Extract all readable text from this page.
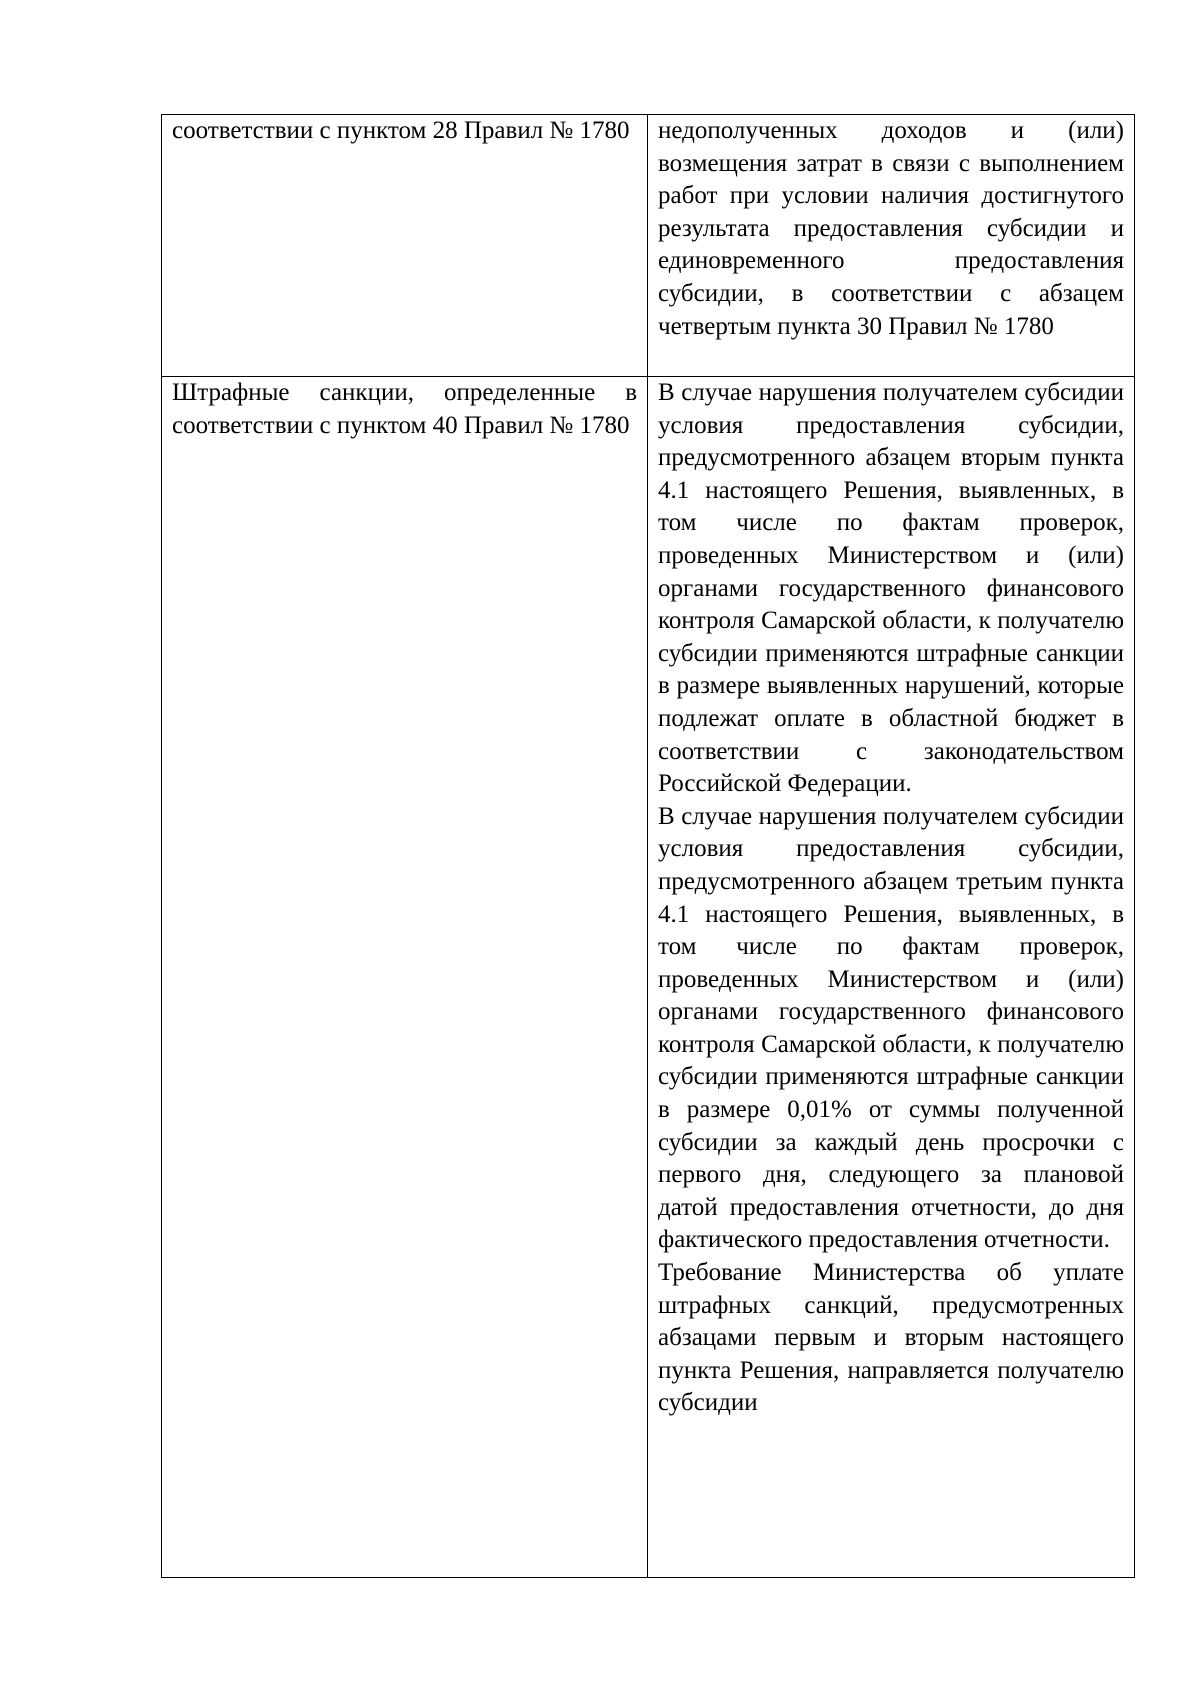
соответствии с пунктом 28 Правил № 1780	недополученных доходов и (или) возмещения затрат в связи с выполнением работ при условии наличия достигнутого результата предоставления субсидии и единовременного предоставления субсидии, в соответствии с абзацем четвертым пункта 30 Правил № 1780

Штрафные санкции, определенные в соответствии с пунктом 40 Правил № 1780	В случае нарушения получателем субсидии условия предоставления субсидии, предусмотренного абзацем вторым пункта 4.1 настоящего Решения, выявленных, в том числе по фактам проверок, проведенных Министерством и (или) органами государственного финансового контроля Самарской области, к получателю субсидии применяются штрафные санкции в размере выявленных нарушений, которые подлежат оплате в областной бюджет в соответствии с законодательством Российской Федерации.
В случае нарушения получателем субсидии условия предоставления субсидии, предусмотренного абзацем третьим пункта 4.1 настоящего Решения, выявленных, в том числе по фактам проверок, проведенных Министерством и (или) органами государственного финансового контроля Самарской области, к получателю субсидии применяются штрафные санкции в размере 0,01% от суммы полученной субсидии за каждый день просрочки с первого дня, следующего за плановой датой предоставления отчетности, до дня фактического предоставления отчетности.
Требование Министерства об уплате штрафных санкций, предусмотренных абзацами первым и вторым настоящего пункта Решения, направляется получателю субсидии
